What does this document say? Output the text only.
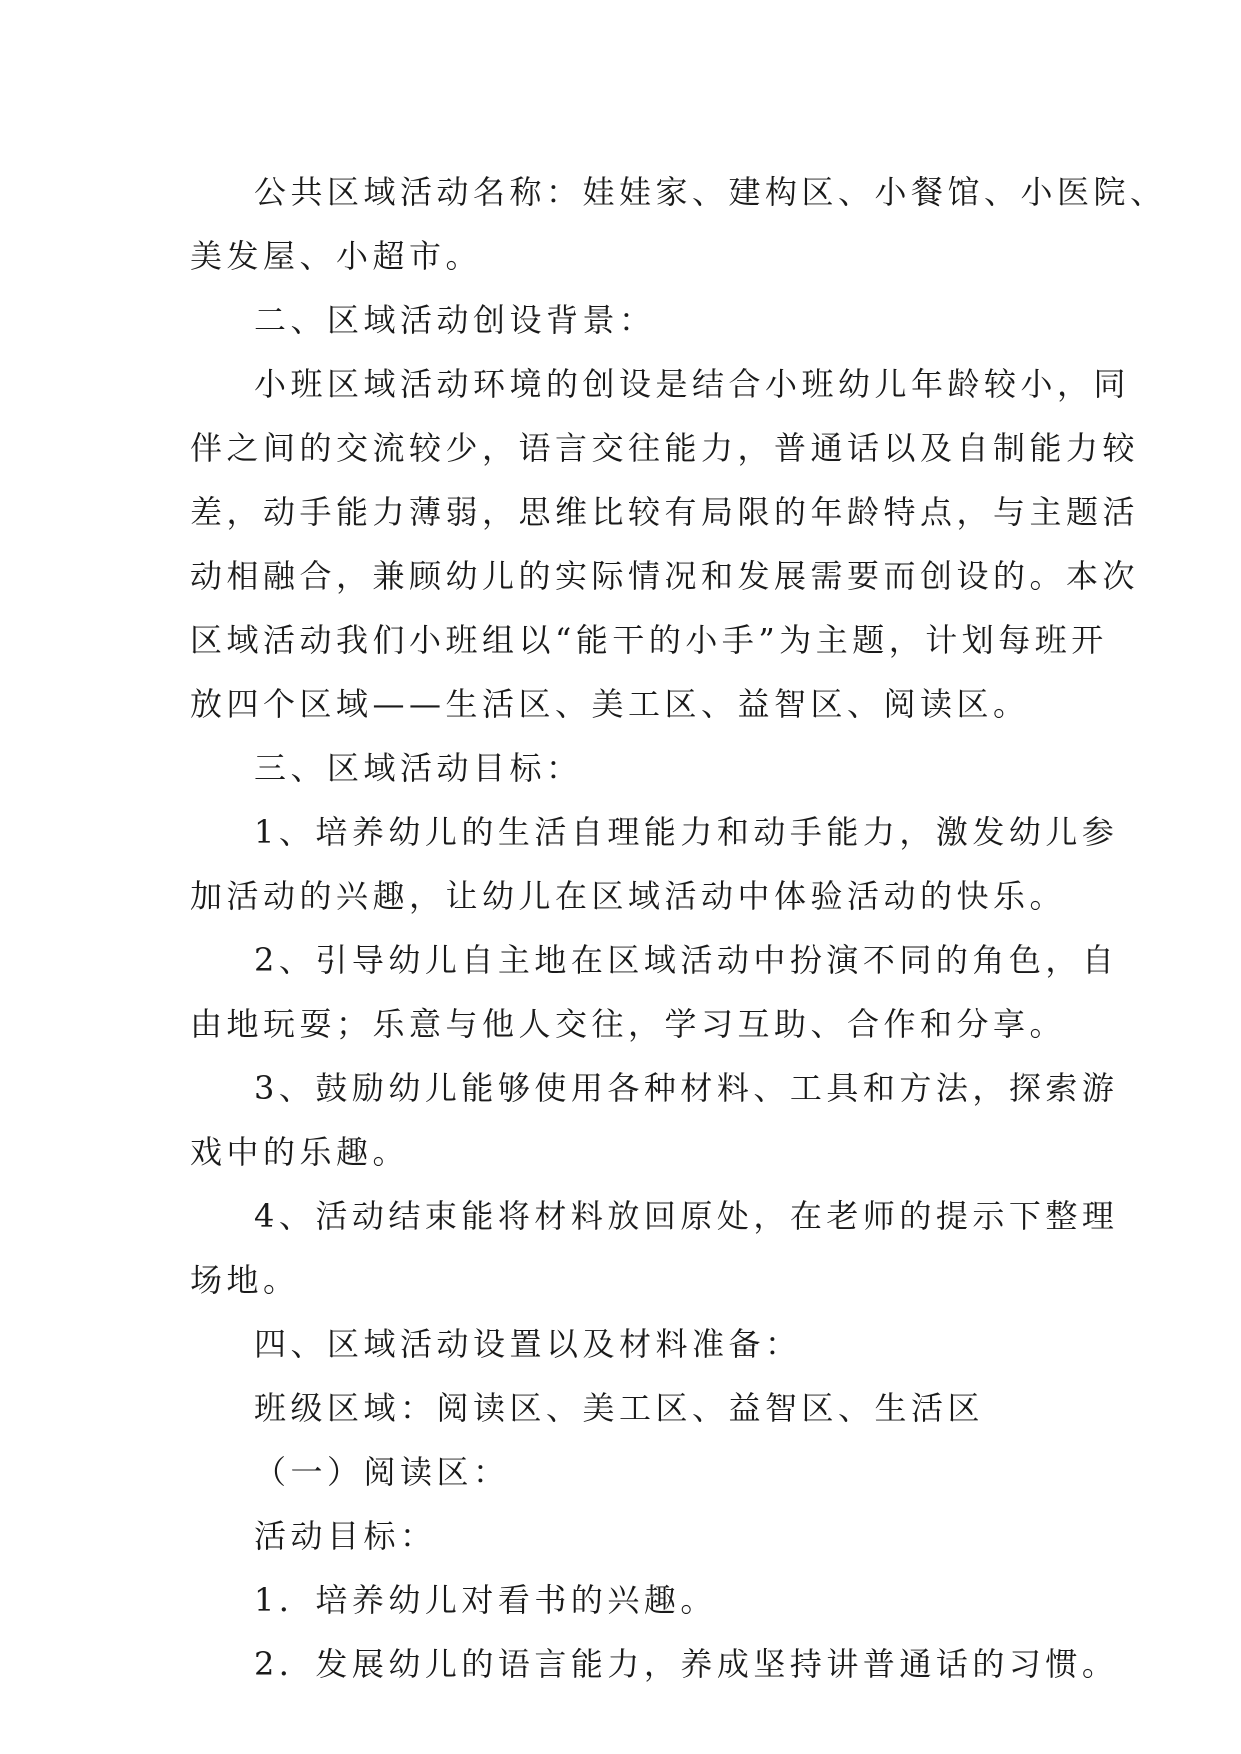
公共区域活动名称：娃娃家、建构区、小餐馆、小医院、

美发屋、小超市。

二、区域活动创设背景：

小班区域活动环境的创设是结合小班幼儿年龄较小，同

伴之间的交流较少，语言交往能力，普通话以及自制能力较

差，动手能力薄弱，思维比较有局限的年龄特点，与主题活

动相融合，兼顾幼儿的实际情况和发展需要而创设的。本次

区域活动我们小班组以“能干的小手”为主题，计划每班开

放四个区域——生活区、美工区、益智区、阅读区。

三、区域活动目标：

1、培养幼儿的生活自理能力和动手能力，激发幼儿参

加活动的兴趣，让幼儿在区域活动中体验活动的快乐。

2、引导幼儿自主地在区域活动中扮演不同的角色，自

由地玩耍；乐意与他人交往，学习互助、合作和分享。

3、鼓励幼儿能够使用各种材料、工具和方法，探索游

戏中的乐趣。

4、活动结束能将材料放回原处，在老师的提示下整理

场地。

四、区域活动设置以及材料准备：

班级区域：阅读区、美工区、益智区、生活区

（一）阅读区：

活动目标：

1．培养幼儿对看书的兴趣。

2．发展幼儿的语言能力，养成坚持讲普通话的习惯。
